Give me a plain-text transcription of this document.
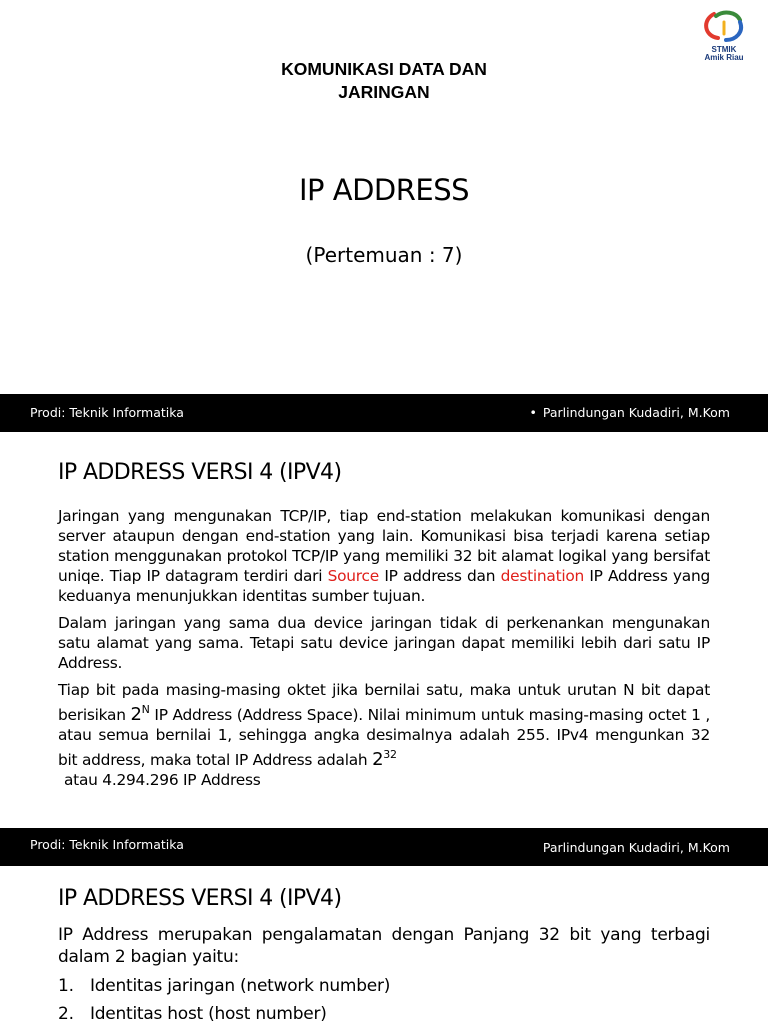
KOMUNIKASI DATA DAN
JARINGAN
IP ADDRESS
(Pertemuan : 7)
STMIK
Amik Riau
Prodi: Teknik Informatika	• Parlindungan Kudadiri, M.Kom
IP ADDRESS VERSI 4 (IPV4)

Jaringan yang mengunakan TCP/IP, tiap end-station melakukan komunikasi dengan server ataupun dengan end-station yang lain. Komunikasi bisa terjadi karena setiap station menggunakan protokol TCP/IP yang memiliki 32 bit alamat logikal yang bersifat uniqe. Tiap IP datagram terdiri dari Source IP address dan destination IP Address yang keduanya menunjukkan identitas sumber tujuan.

Dalam jaringan yang sama dua device jaringan tidak di perkenankan mengunakan satu alamat yang sama. Tetapi satu device jaringan dapat memiliki lebih dari satu IP Address.

Tiap bit pada masing-masing oktet jika bernilai satu, maka untuk urutan N bit dapat berisikan $2^N$ IP Address (Address Space). Nilai minimum untuk masing-masing octet 1 , atau semua bernilai 1, sehingga angka desimalnya adalah 255. IPv4 mengunkan 32 bit address, maka total IP Address adalah $2^{32}$
atau 4.294.296 IP Address

Prodi: Teknik Informatika	Parlindungan Kudadiri, M.Kom
IP ADDRESS VERSI 4 (IPV4)

IP Address merupakan pengalamatan dengan Panjang 32 bit yang terbagi dalam 2 bagian yaitu:

1. Identitas jaringan (network number)
2. Identitas host (host number)
